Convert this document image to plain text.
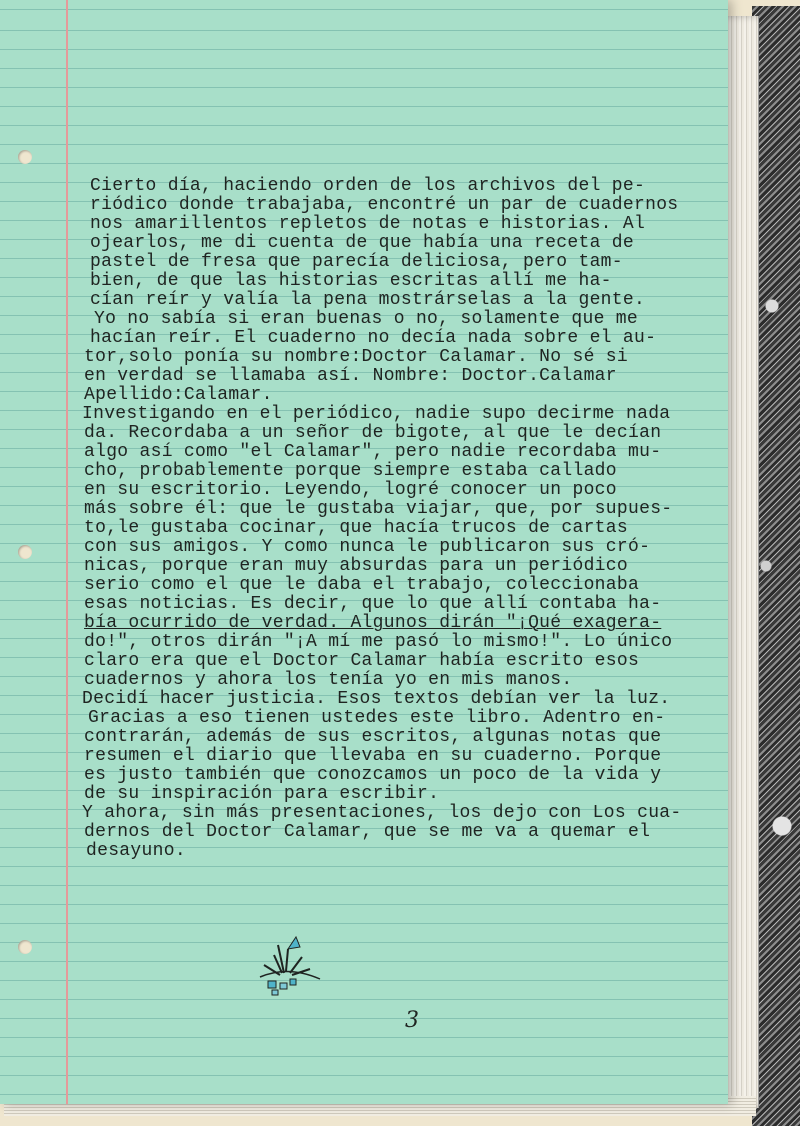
Cierto día, haciendo orden de los archivos del pe-

riódico donde trabajaba, encontré un par de cuadernos

nos amarillentos repletos de notas e historias. Al

ojearlos, me di cuenta de que había una receta de

pastel de fresa que parecía deliciosa, pero tam-

bien, de que las historias escritas allí me ha-

cían reír y valía la pena mostrárselas a la gente.

Yo no sabía si eran buenas o no, solamente que me

hacían reír. El cuaderno no decía nada sobre el au-

tor,solo ponía su nombre:Doctor Calamar. No sé si

en verdad se llamaba así. Nombre: Doctor.Calamar

Apellido:Calamar.

Investigando en el periódico, nadie supo decirme nada

da. Recordaba a un señor de bigote, al que le decían

algo así como "el Calamar", pero nadie recordaba mu-

cho, probablemente porque siempre estaba callado

en su escritorio. Leyendo, logré conocer un poco

más sobre él: que le gustaba viajar, que, por supues-

to,le gustaba cocinar, que hacía trucos de cartas

con sus amigos. Y como nunca le publicaron sus cró-

nicas, porque eran muy absurdas para un periódico

serio como el que le daba el trabajo, coleccionaba

esas noticias. Es decir, que lo que allí contaba ha-

bía ocurrido de verdad. Algunos dirán "¡Qué exagera-

do!", otros dirán "¡A mí me pasó lo mismo!". Lo único

claro era que el Doctor Calamar había escrito esos

cuadernos y ahora los tenía yo en mis manos.

Decidí hacer justicia. Esos textos debían ver la luz.

Gracias a eso tienen ustedes este libro. Adentro en-

contrarán, además de sus escritos, algunas notas que

resumen el diario que llevaba en su cuaderno. Porque

es justo también que conozcamos un poco de la vida y

de su inspiración para escribir.

Y ahora, sin más presentaciones, los dejo con Los cua-

dernos del Doctor Calamar, que se me va a quemar el

desayuno.

3
